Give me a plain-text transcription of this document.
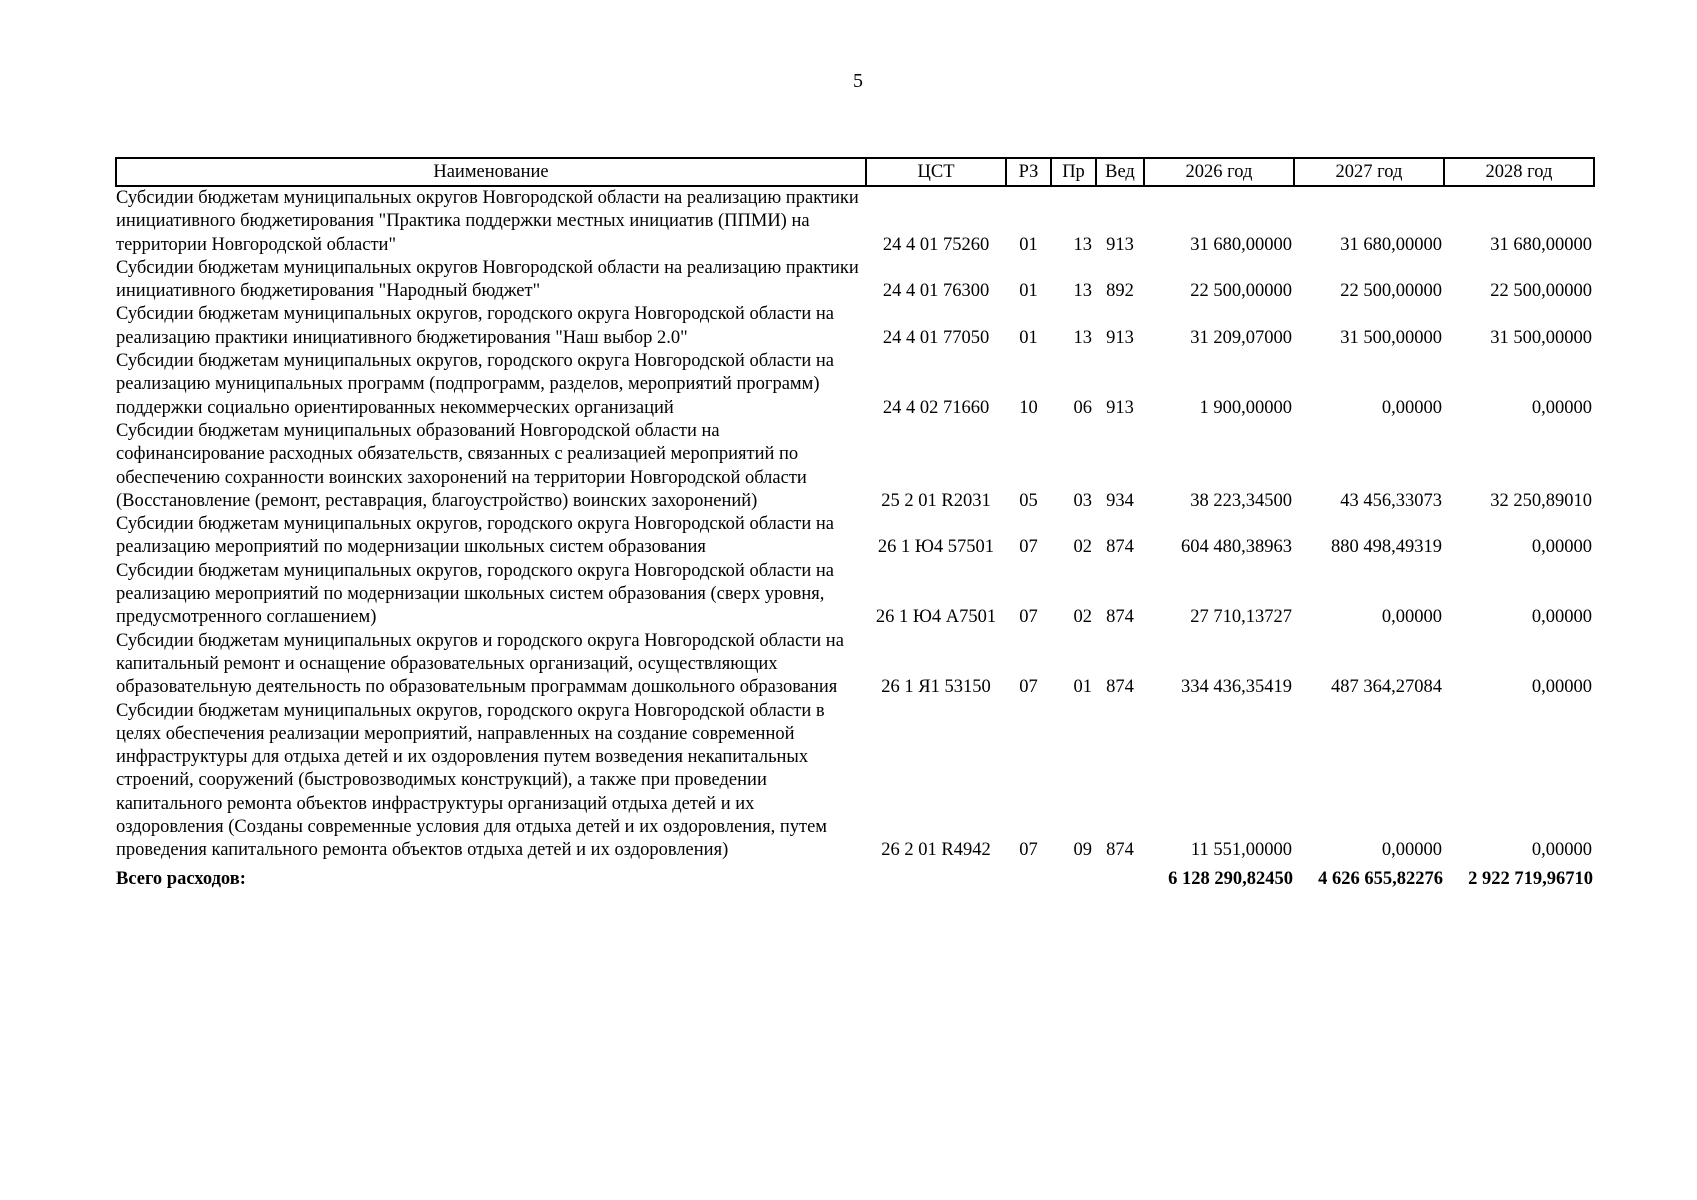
5
Наименование	ЦСТ	РЗ	Пр	Вед	2026 год	2027 год	2028 год
Субсидии бюджетам муниципальных округов Новгородской области на реализацию практики инициативного бюджетирования "Практика поддержки местных инициатив (ППМИ) на территории Новгородской области"	24 4 01 75260	01	13	913	31 680,00000	31 680,00000	31 680,00000
Субсидии бюджетам муниципальных округов Новгородской области на реализацию практики инициативного бюджетирования "Народный бюджет"	24 4 01 76300	01	13	892	22 500,00000	22 500,00000	22 500,00000
Субсидии бюджетам муниципальных округов, городского округа Новгородской области на реализацию практики инициативного бюджетирования "Наш выбор 2.0"	24 4 01 77050	01	13	913	31 209,07000	31 500,00000	31 500,00000
Субсидии бюджетам муниципальных округов, городского округа Новгородской области на реализацию муниципальных программ (подпрограмм, разделов, мероприятий программ) поддержки социально ориентированных некоммерческих организаций	24 4 02 71660	10	06	913	1 900,00000	0,00000	0,00000
Субсидии бюджетам муниципальных образований Новгородской области на софинансирование расходных обязательств, связанных с реализацией мероприятий по обеспечению сохранности воинских захоронений на территории Новгородской области (Восстановление (ремонт, реставрация, благоустройство) воинских захоронений)	25 2 01 R2031	05	03	934	38 223,34500	43 456,33073	32 250,89010
Субсидии бюджетам муниципальных округов, городского округа Новгородской области на реализацию мероприятий по модернизации школьных систем образования	26 1 Ю4 57501	07	02	874	604 480,38963	880 498,49319	0,00000
Субсидии бюджетам муниципальных округов, городского округа Новгородской области на реализацию мероприятий по модернизации школьных систем образования (сверх уровня, предусмотренного соглашением)	26 1 Ю4 А7501	07	02	874	27 710,13727	0,00000	0,00000
Субсидии бюджетам муниципальных округов и городского округа Новгородской области на капитальный ремонт и оснащение образовательных организаций, осуществляющих образовательную деятельность по образовательным программам дошкольного образования	26 1 Я1 53150	07	01	874	334 436,35419	487 364,27084	0,00000
Субсидии бюджетам муниципальных округов, городского округа Новгородской области в целях обеспечения реализации мероприятий, направленных на создание современной инфраструктуры для отдыха детей и их оздоровления путем возведения некапитальных строений, сооружений (быстровозводимых конструкций), а также при проведении капитального ремонта объектов инфраструктуры организаций отдыха детей и их оздоровления (Созданы современные условия для отдыха детей и их оздоровления, путем проведения капитального ремонта объектов отдыха детей и их оздоровления)	26 2 01 R4942	07	09	874	11 551,00000	0,00000	0,00000
Всего расходов:					6 128 290,82450	4 626 655,82276	2 922 719,96710
